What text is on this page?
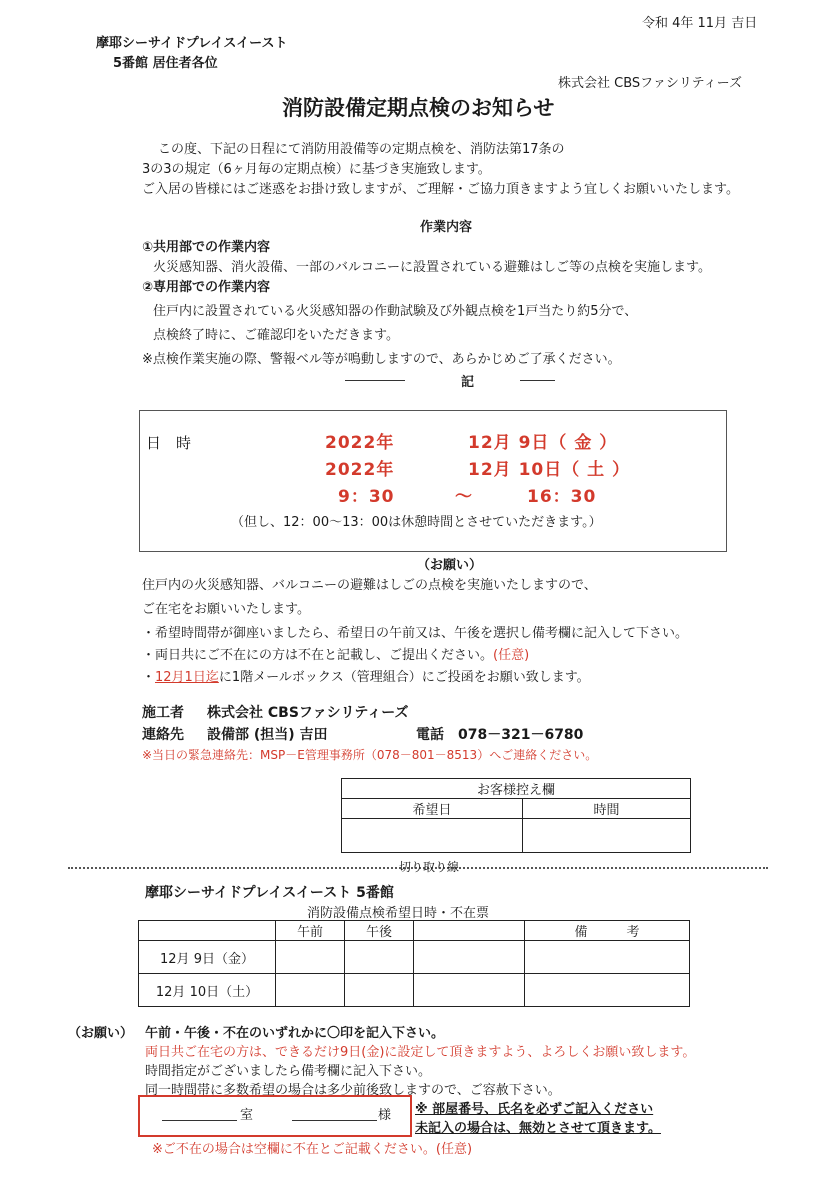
令和 4年 11月 吉日
摩耶シーサイドプレイスイースト
5番館 居住者各位
株式会社 CBSファシリティーズ
消防設備定期点検のお知らせ
この度、下記の日程にて消防用設備等の定期点検を、消防法第17条の
3の3の規定（6ヶ月毎の定期点検）に基づき実施致します。
ご入居の皆様にはご迷惑をお掛け致しますが、ご理解・ご協力頂きますよう宜しくお願いいたします。
作業内容
①共用部での作業内容
火災感知器、消火設備、一部のバルコニーに設置されている避難はしご等の点検を実施します。
②専用部での作業内容
住戸内に設置されている火災感知器の作動試験及び外観点検を1戸当たり約5分で、
点検終了時に、ご確認印をいただきます。
※点検作業実施の際、警報ベル等が鳴動しますので、あらかじめご了承ください。
記
日　時	2022年	12月 9日（ 金 ）
2022年	12月 10日（ 土 ）
9：30	～	16：30
（但し、12：00～13：00は休憩時間とさせていただきます。）
（お願い）
住戸内の火災感知器、バルコニーの避難はしごの点検を実施いたしますので、
ご在宅をお願いいたします。
・希望時間帯が御座いましたら、希望日の午前又は、午後を選択し備考欄に記入して下さい。
・両日共にご不在にの方は不在と記載し、ご提出ください。(任意)
・12月1日迄に1階メールボックス（管理組合）にご投函をお願い致します。
施工者 株式会社 CBSファシリティーズ
連絡先 設備部 (担当) 吉田	電話 078－321－6780
※当日の緊急連絡先：MSP－E管理事務所（078－801－8513）へご連絡ください。
お客様控え欄	
希望日	時間

切り取り線
摩耶シーサイドプレイスイースト 5番館
消防設備点検希望日時・不在票
	午前	午後		備　　　考
12月 9日（金）				
12月 10日（土）				
（お願い） 午前・午後・不在のいずれかに〇印を記入下さい。
両日共ご在宅の方は、できるだけ9日(金)に設定して頂きますよう、よろしくお願い致します。
時間指定がございましたら備考欄に記入下さい。
同一時間帯に多数希望の場合は多少前後致しますので、ご容赦下さい。
室	様 ※ 部屋番号、氏名を必ずご記入ください
未記入の場合は、無効とさせて頂きます。
※ご不在の場合は空欄に不在とご記載ください。(任意)
